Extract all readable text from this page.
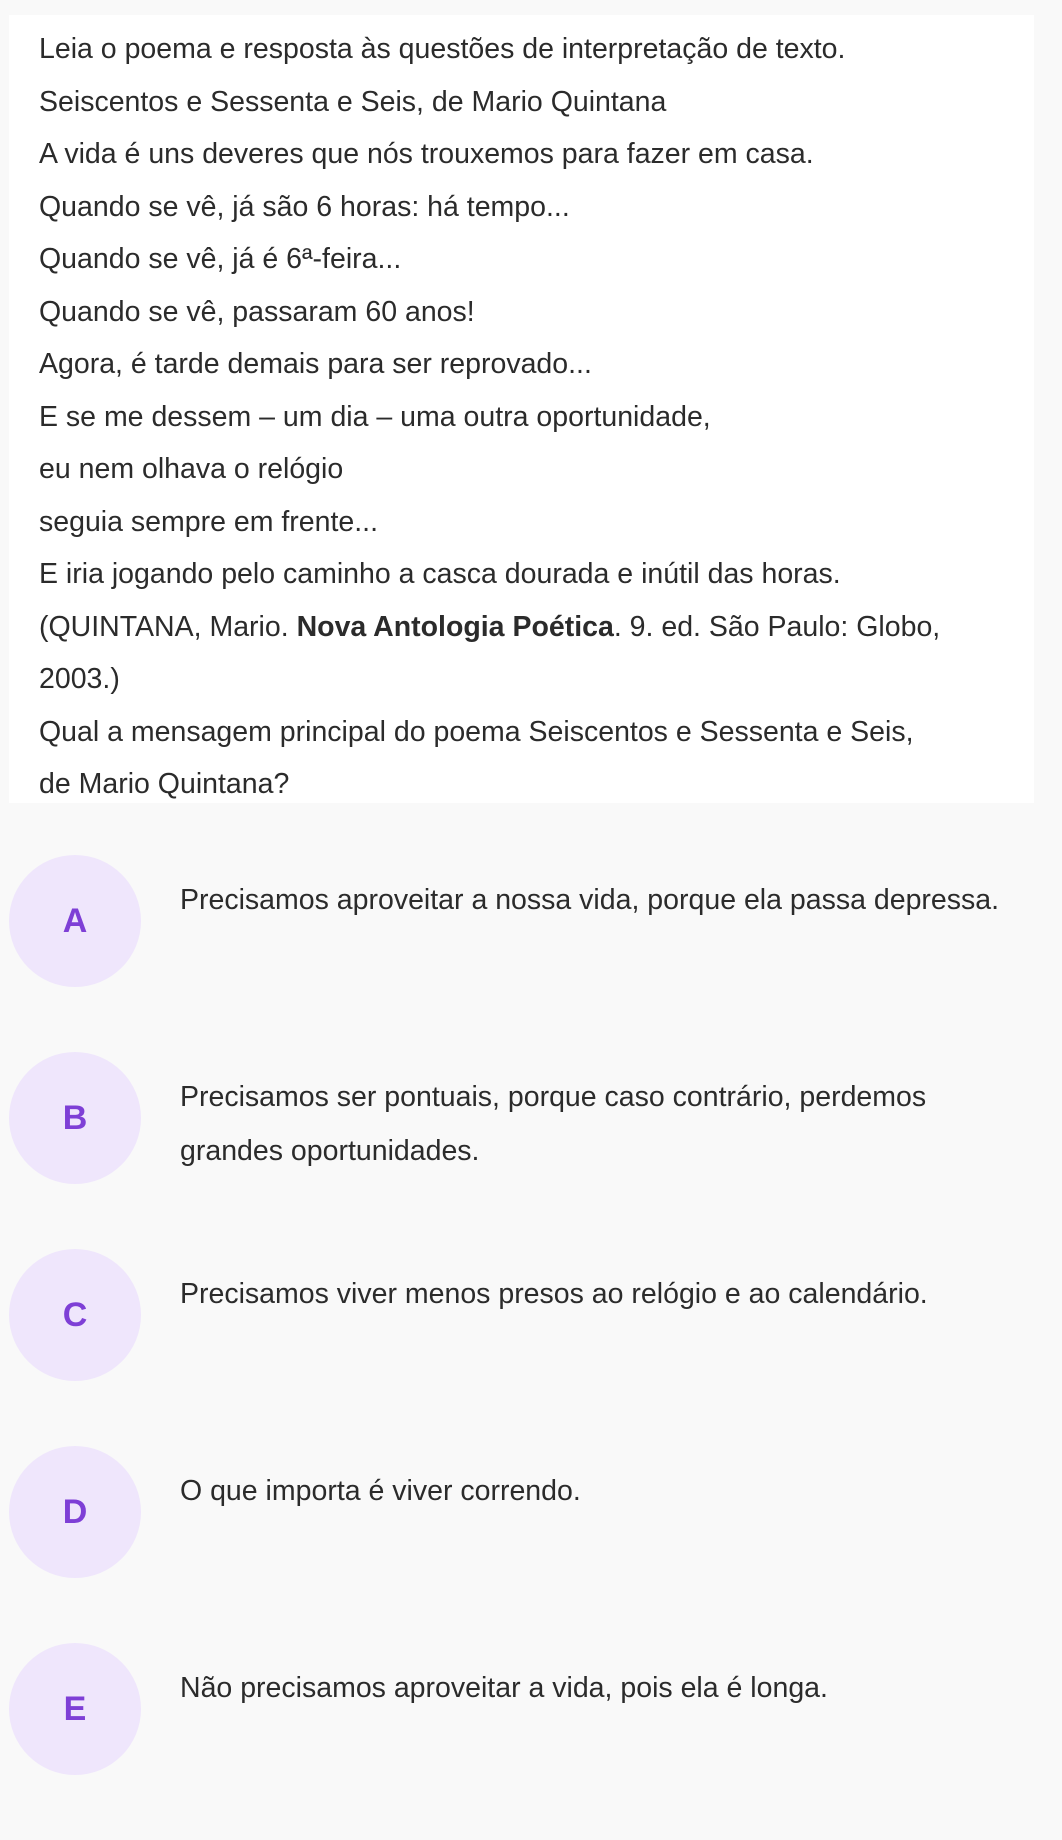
Leia o poema e resposta às questões de interpretação de texto.

Seiscentos e Sessenta e Seis, de Mario Quintana

A vida é uns deveres que nós trouxemos para fazer em casa.

Quando se vê, já são 6 horas: há tempo...

Quando se vê, já é 6ª-feira...

Quando se vê, passaram 60 anos!

Agora, é tarde demais para ser reprovado...

E se me dessem – um dia – uma outra oportunidade,

eu nem olhava o relógio

seguia sempre em frente...

E iria jogando pelo caminho a casca dourada e inútil das horas.

(QUINTANA, Mario. Nova Antologia Poética. 9. ed. São Paulo: Globo,

2003.)

Qual a mensagem principal do poema Seiscentos e Sessenta e Seis,

de Mario Quintana?

A
Precisamos aproveitar a nossa vida, porque ela passa depressa.
B
Precisamos ser pontuais, porque caso contrário, perdemos grandes oportunidades.
C
Precisamos viver menos presos ao relógio e ao calendário.
D
O que importa é viver correndo.
E
Não precisamos aproveitar a vida, pois ela é longa.
